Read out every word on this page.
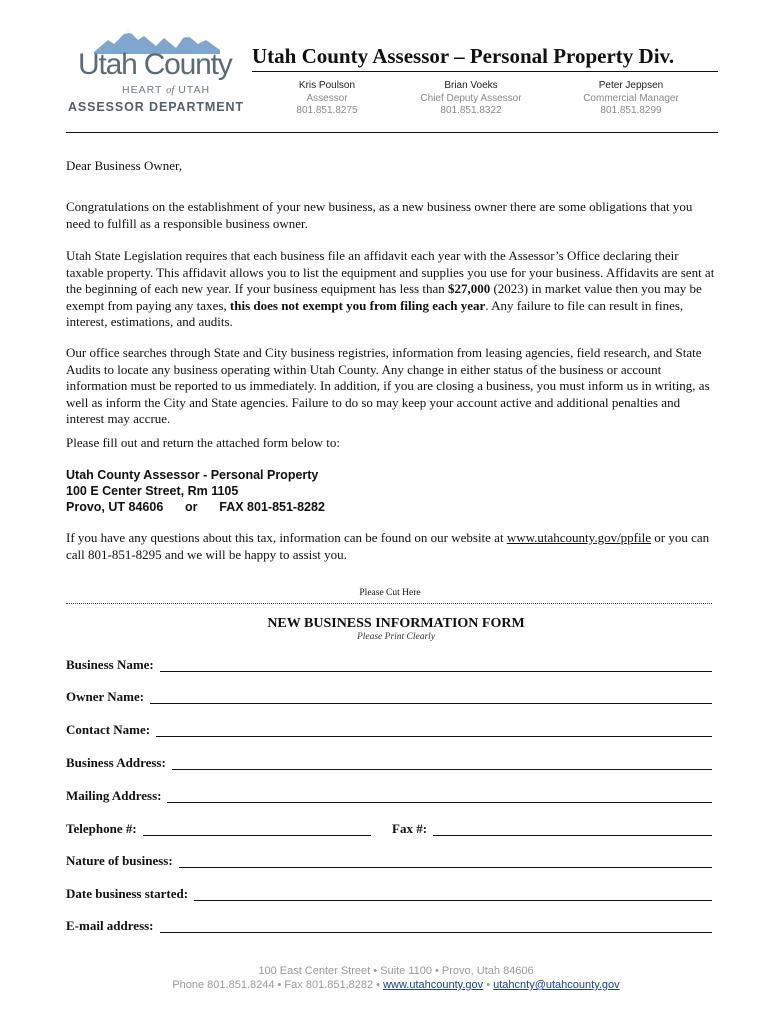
Utah County
HEART of UTAH
ASSESSOR DEPARTMENT
Utah County Assessor – Personal Property Div.
Kris Poulson
Assessor
801.851.8275
Brian Voeks
Chief Deputy Assessor
801.851.8322
Peter Jeppsen
Commercial Manager
801.851.8299
Dear Business Owner,
Congratulations on the establishment of your new business, as a new business owner there are some obligations that you need to fulfill as a responsible business owner.
Utah State Legislation requires that each business file an affidavit each year with the Assessor’s Office declaring their taxable property. This affidavit allows you to list the equipment and supplies you use for your business. Affidavits are sent at the beginning of each new year. If your business equipment has less than $27,000 (2023) in market value then you may be exempt from paying any taxes, this does not exempt you from filing each year. Any failure to file can result in fines, interest, estimations, and audits.
Our office searches through State and City business registries, information from leasing agencies, field research, and State Audits to locate any business operating within Utah County. Any change in either status of the business or account information must be reported to us immediately. In addition, if you are closing a business, you must inform us in writing, as well as inform the City and State agencies. Failure to do so may keep your account active and additional penalties and interest may accrue.
Please fill out and return the attached form below to:
Utah County Assessor - Personal Property
100 E Center Street, Rm 1105
Provo, UT 84606 or FAX 801-851-8282
If you have any questions about this tax, information can be found on our website at www.utahcounty.gov/ppfile or you can call 801-851-8295 and we will be happy to assist you.
Please Cut Here
NEW BUSINESS INFORMATION FORM
Please Print Clearly
Business Name:
Owner Name:
Contact Name:
Business Address:
Mailing Address:
Telephone #:	Fax #:
Nature of business:
Date business started:
E-mail address:
100 East Center Street • Suite 1100 • Provo, Utah 84606
Phone 801.851.8244 • Fax 801.851.8282 • www.utahcounty.gov • utahcnty@utahcounty.gov
